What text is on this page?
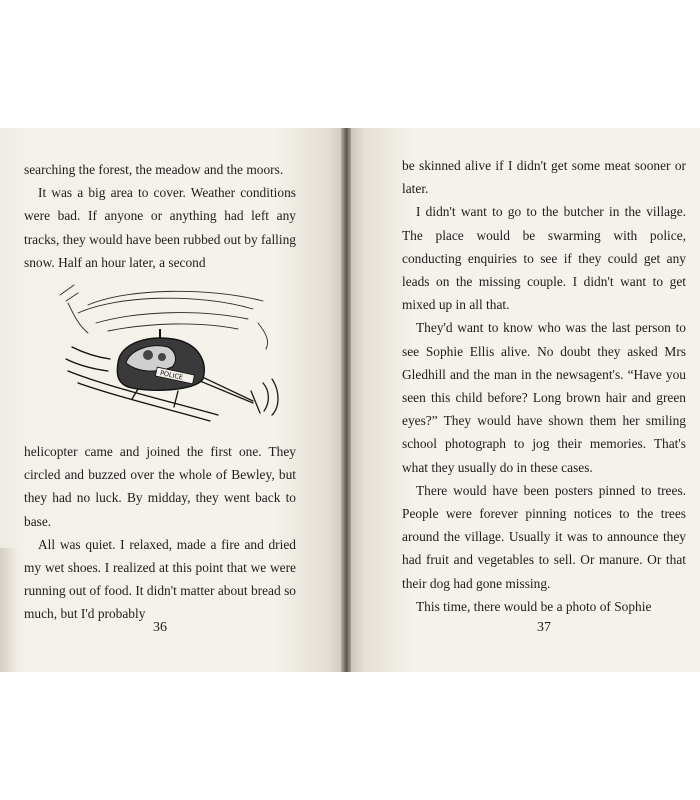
searching the forest, the meadow and the moors.

It was a big area to cover. Weather conditions were bad. If anyone or anything had left any tracks, they would have been rubbed out by falling snow. Half an hour later, a second

POLICE

helicopter came and joined the first one. They circled and buzzed over the whole of Bewley, but they had no luck. By midday, they went back to base.

All was quiet. I relaxed, made a fire and dried my wet shoes. I realized at this point that we were running out of food. It didn't matter about bread so much, but I'd probably

36

be skinned alive if I didn't get some meat sooner or later.

I didn't want to go to the butcher in the village. The place would be swarming with police, conducting enquiries to see if they could get any leads on the missing couple. I didn't want to get mixed up in all that.

They'd want to know who was the last person to see Sophie Ellis alive. No doubt they asked Mrs Gledhill and the man in the newsagent's. “Have you seen this child before? Long brown hair and green eyes?” They would have shown them her smiling school photograph to jog their memories. That's what they usually do in these cases.

There would have been posters pinned to trees. People were forever pinning notices to the trees around the village. Usually it was to announce they had fruit and vegetables to sell. Or manure. Or that their dog had gone missing.

This time, there would be a photo of Sophie

37
